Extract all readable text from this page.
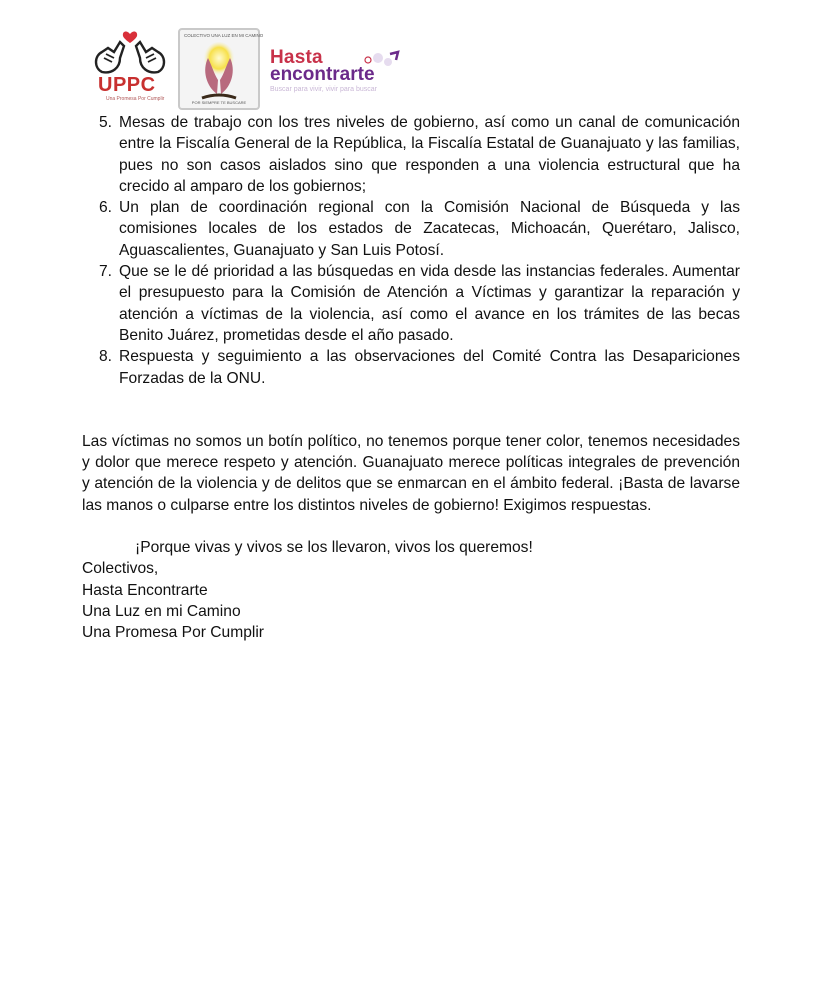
UPPC
Una Promesa Por Cumplir
COLECTIVO UNA LUZ EN MI CAMINO
POR SIEMPRE TE BUSCARE
Hasta
encontrarte
Buscar para vivir, vivir para buscar
5. Mesas de trabajo con los tres niveles de gobierno, así como un canal de comunicación entre la Fiscalía General de la República, la Fiscalía Estatal de Guanajuato y las familias, pues no son casos aislados sino que responden a una violencia estructural que ha crecido al amparo de los gobiernos;
6. Un plan de coordinación regional con la Comisión Nacional de Búsqueda y las comisiones locales de los estados de Zacatecas, Michoacán, Querétaro, Jalisco, Aguascalientes, Guanajuato y San Luis Potosí.
7. Que se le dé prioridad a las búsquedas en vida desde las instancias federales. Aumentar el presupuesto para la Comisión de Atención a Víctimas y garantizar la reparación y atención a víctimas de la violencia, así como el avance en los trámites de las becas Benito Juárez, prometidas desde el año pasado.
8. Respuesta y seguimiento a las observaciones del Comité Contra las Desapariciones Forzadas de la ONU.

Las víctimas no somos un botín político, no tenemos porque tener color, tenemos necesidades y dolor que merece respeto y atención. Guanajuato merece políticas integrales de prevención y atención de la violencia y de delitos que se enmarcan en el ámbito federal. ¡Basta de lavarse las manos o culparse entre los distintos niveles de gobierno! Exigimos respuestas.

¡Porque vivas y vivos se los llevaron, vivos los queremos!
Colectivos,
Hasta Encontrarte
Una Luz en mi Camino
Una Promesa Por Cumplir
